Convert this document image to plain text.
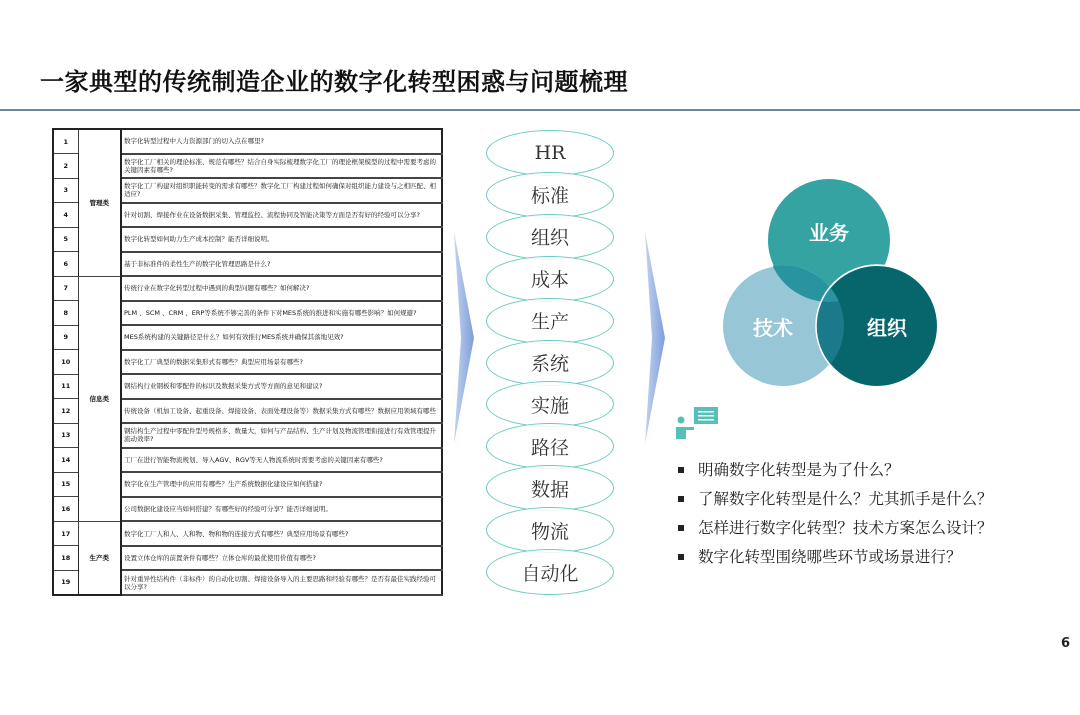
一家典型的传统制造企业的数字化转型困惑与问题梳理
1	管理类	数字化转型过程中人力资源部门的切入点在哪里?
2		数字化工厂相关的理论标准、规范有哪些？结合自身实际梳理数字化工厂的理论框架模型的过程中需要考虑的关键因素有哪些?
3		数字化工厂构建对组织职能转变的需求有哪些？数字化工厂构建过程如何确保对组织能力建设与之相匹配、相适应?
4		针对切割、焊接作业在设备数据采集、管理监控、流程协同及智能决策等方面是否有好的经验可以分享?
5		数字化转型如何助力生产成本控制？能否详细说明。
6		基于非标准件的柔性生产的数字化管理思路是什么?
7	信息类	传统行业在数字化转型过程中遇到的典型问题有哪些？如何解决?
8		PLM 、SCM 、CRM 、ERP等系统不够完善的条件下对MES系统的推进和实施有哪些影响？如何规避?
9		MES系统构建的关键路径是什么？如何有效推行MES系统并确保其落地见效?
10		数字化工厂典型的数据采集形式有哪些？典型应用场景有哪些?
11		钢结构行业钢板和零配件的标识及数据采集方式等方面的意见和建议?
12		传统设备（机加工设备、起重设备、焊接设备、表面处理设备等）数据采集方式有哪些？数据应用领域有哪些
13		钢结构生产过程中零配件型号规格多、数量大，如何与产品结构、生产计划及物流管理衔接进行有效管理提升流动效率?
14		工厂在进行智能物流规划、导入AGV、RGV等无人物流系统时需要考虑的关键因素有哪些?
15		数字化在生产管理中的应用有哪些？生产系统数据化建设应如何搭建?
16		公司数据化建设应当如何搭建？有哪些好的经验可分享？能否详细说明。
17	生产类	数字化工厂人和人、人和物、物和物的连接方式有哪些？典型应用场景有哪些?
18		设置立体仓库的前置条件有哪些？立体仓库的最优使用价值有哪些?
19		针对重异性结构件（非标件）的自动化切割、焊接设备导入的主要思路和经验有哪些？是否有最佳实践经验可以分享?
HR
标准
组织
成本
生产
系统
实施
路径
数据
物流
自动化
业务
技术	组织
明确数字化转型是为了什么？
了解数字化转型是什么？尤其抓手是什么？
怎样进行数字化转型？技术方案怎么设计？
数字化转型围绕哪些环节或场景进行？
6
